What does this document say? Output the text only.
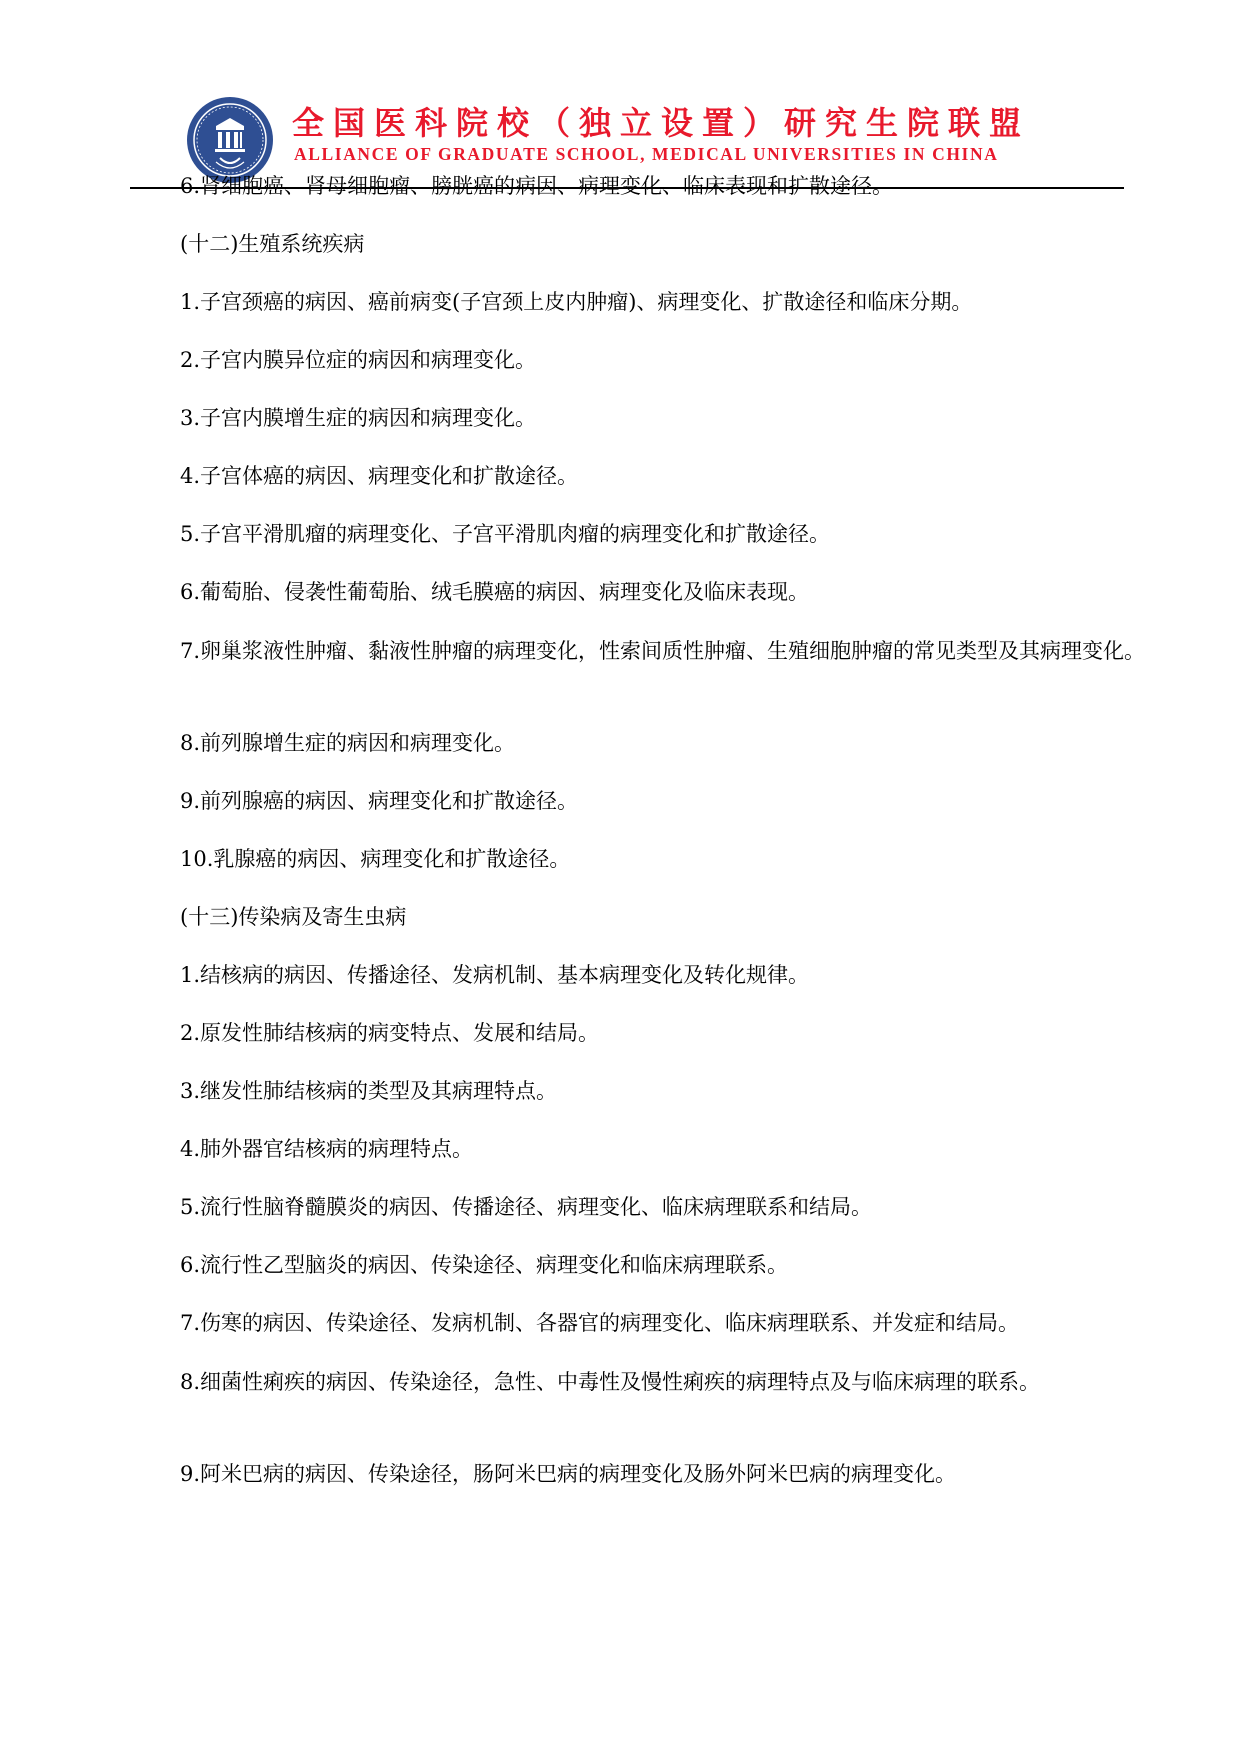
全国医科院校（独立设置）研究生院联盟
ALLIANCE OF GRADUATE SCHOOL, MEDICAL UNIVERSITIES IN CHINA
6.肾细胞癌、肾母细胞瘤、膀胱癌的病因、病理变化、临床表现和扩散途径。
(十二)生殖系统疾病
1.子宫颈癌的病因、癌前病变(子宫颈上皮内肿瘤)、病理变化、扩散途径和临床分期。
2.子宫内膜异位症的病因和病理变化。
3.子宫内膜增生症的病因和病理变化。
4.子宫体癌的病因、病理变化和扩散途径。
5.子宫平滑肌瘤的病理变化、子宫平滑肌肉瘤的病理变化和扩散途径。
6.葡萄胎、侵袭性葡萄胎、绒毛膜癌的病因、病理变化及临床表现。
7.卵巢浆液性肿瘤、黏液性肿瘤的病理变化，性索间质性肿瘤、生殖细胞肿瘤的常见类型及其病理变化。
8.前列腺增生症的病因和病理变化。
9.前列腺癌的病因、病理变化和扩散途径。
10.乳腺癌的病因、病理变化和扩散途径。
(十三)传染病及寄生虫病
1.结核病的病因、传播途径、发病机制、基本病理变化及转化规律。
2.原发性肺结核病的病变特点、发展和结局。
3.继发性肺结核病的类型及其病理特点。
4.肺外器官结核病的病理特点。
5.流行性脑脊髓膜炎的病因、传播途径、病理变化、临床病理联系和结局。
6.流行性乙型脑炎的病因、传染途径、病理变化和临床病理联系。
7.伤寒的病因、传染途径、发病机制、各器官的病理变化、临床病理联系、并发症和结局。
8.细菌性痢疾的病因、传染途径，急性、中毒性及慢性痢疾的病理特点及与临床病理的联系。
9.阿米巴病的病因、传染途径，肠阿米巴病的病理变化及肠外阿米巴病的病理变化。
